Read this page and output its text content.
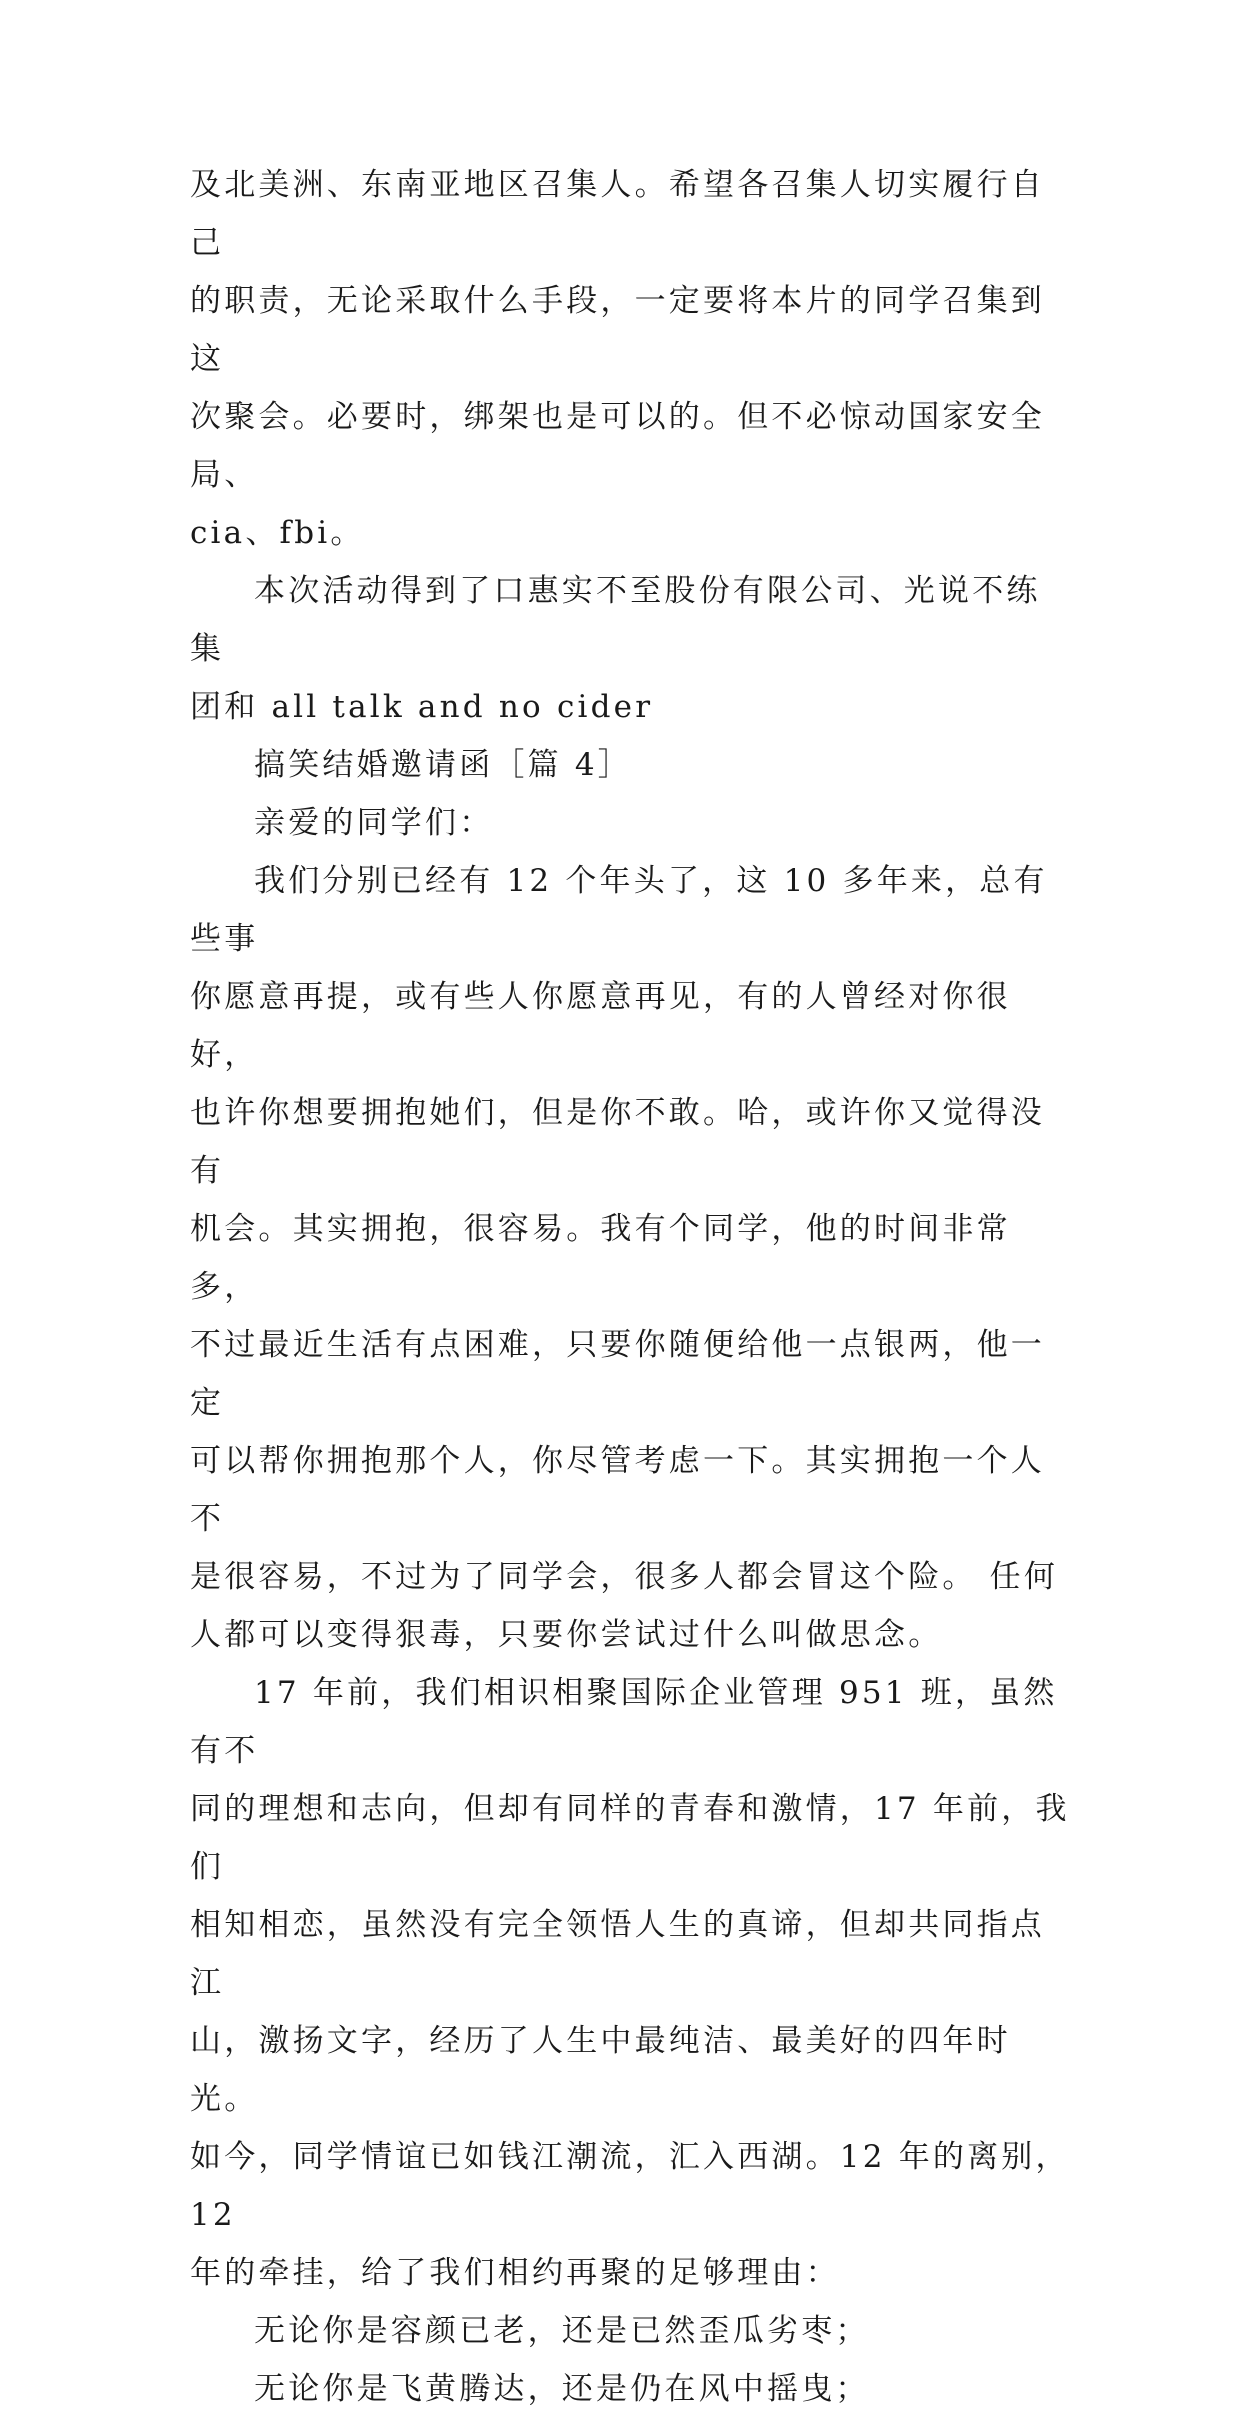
及北美洲、东南亚地区召集人。希望各召集人切实履行自己
的职责，无论采取什么手段，一定要将本片的同学召集到这
次聚会。必要时，绑架也是可以的。但不必惊动国家安全局、
cia、fbi。

本次活动得到了口惠实不至股份有限公司、光说不练集
团和 all talk and no cider

搞笑结婚邀请函［篇 4］

亲爱的同学们：

我们分别已经有 12 个年头了，这 10 多年来，总有些事
你愿意再提，或有些人你愿意再见，有的人曾经对你很好，
也许你想要拥抱她们，但是你不敢。哈，或许你又觉得没有
机会。其实拥抱，很容易。我有个同学，他的时间非常多，
不过最近生活有点困难，只要你随便给他一点银两，他一定
可以帮你拥抱那个人，你尽管考虑一下。其实拥抱一个人不
是很容易，不过为了同学会，很多人都会冒这个险。 任何
人都可以变得狠毒，只要你尝试过什么叫做思念。

17 年前，我们相识相聚国际企业管理 951 班，虽然有不
同的理想和志向，但却有同样的青春和激情，17 年前，我们
相知相恋，虽然没有完全领悟人生的真谛，但却共同指点江
山，激扬文字，经历了人生中最纯洁、最美好的四年时光。
如今，同学情谊已如钱江潮流，汇入西湖。12 年的离别，12
年的牵挂，给了我们相约再聚的足够理由：

无论你是容颜已老，还是已然歪瓜劣枣；

无论你是飞黄腾达，还是仍在风中摇曳；
